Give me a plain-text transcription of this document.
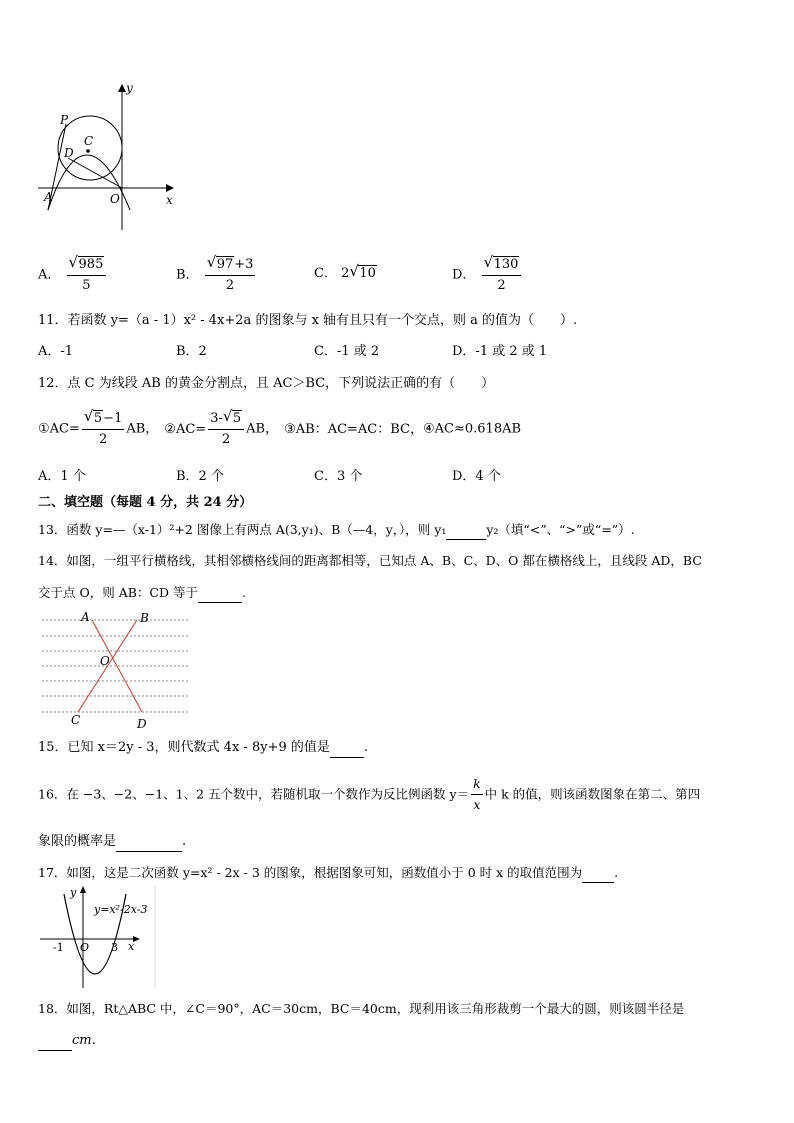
y
x
P
C
D
A	O
A． $\frac{√ 985}{5}$	B． $\frac{√ 97+3}{2}$	C． 2 √ 10	D． $\frac{√ 130}{2}$
11．若函数 y=（a - 1）x² - 4x+2a 的图象与 x 轴有且只有一个交点，则 a 的值为（　　）.
A．-1	B．2	C．-1 或 2	D．-1 或 2 或 1
12．点 C 为线段 AB 的黄金分割点，且 AC＞BC，下列说法正确的有（　　）
①AC= $\frac{√ 5-1}{2}$ AB， ②AC= $\frac{3- √ 5}{2}$ AB， ③AB：AC=AC：BC，④AC≈0.618AB
A．1 个	B．2 个	C．3 个	D．4 个
二、填空题（每题 4 分，共 24 分）
13．函数 y=—（x-1）²+2 图像上有两点 A(3,y₁)、B（—4，y，），则 y₁	y₂（填“<”、“>”或“=”）.
14．如图，一组平行横格线，其相邻横格线间的距离都相等，已知点 A、B、C、D、O 都在横格线上，且线段 AD，BC
交于点 O，则 AB：CD 等于	.
A	B
O
C	D
15．已知 x＝2y - 3，则代数式 4x - 8y+9 的值是	.
16．在 −3、−2、−1、1、2 五个数中，若随机取一个数作为反比例函数 $y= \frac{k}{x}$ 中 k 的值，则该函数图象在第二、第四
象限的概率是	.
17．如图，这是二次函数 y=x² - 2x - 3 的图象，根据图象可知，函数值小于 0 时 x 的取值范围为	.
y
x
y=x²-2x-3
-1 O 3
18．如图，Rt△ABC 中，∠C＝90°，AC＝30cm，BC＝40cm，现利用该三角形裁剪一个最大的圆，则该圆半径是
cm.
